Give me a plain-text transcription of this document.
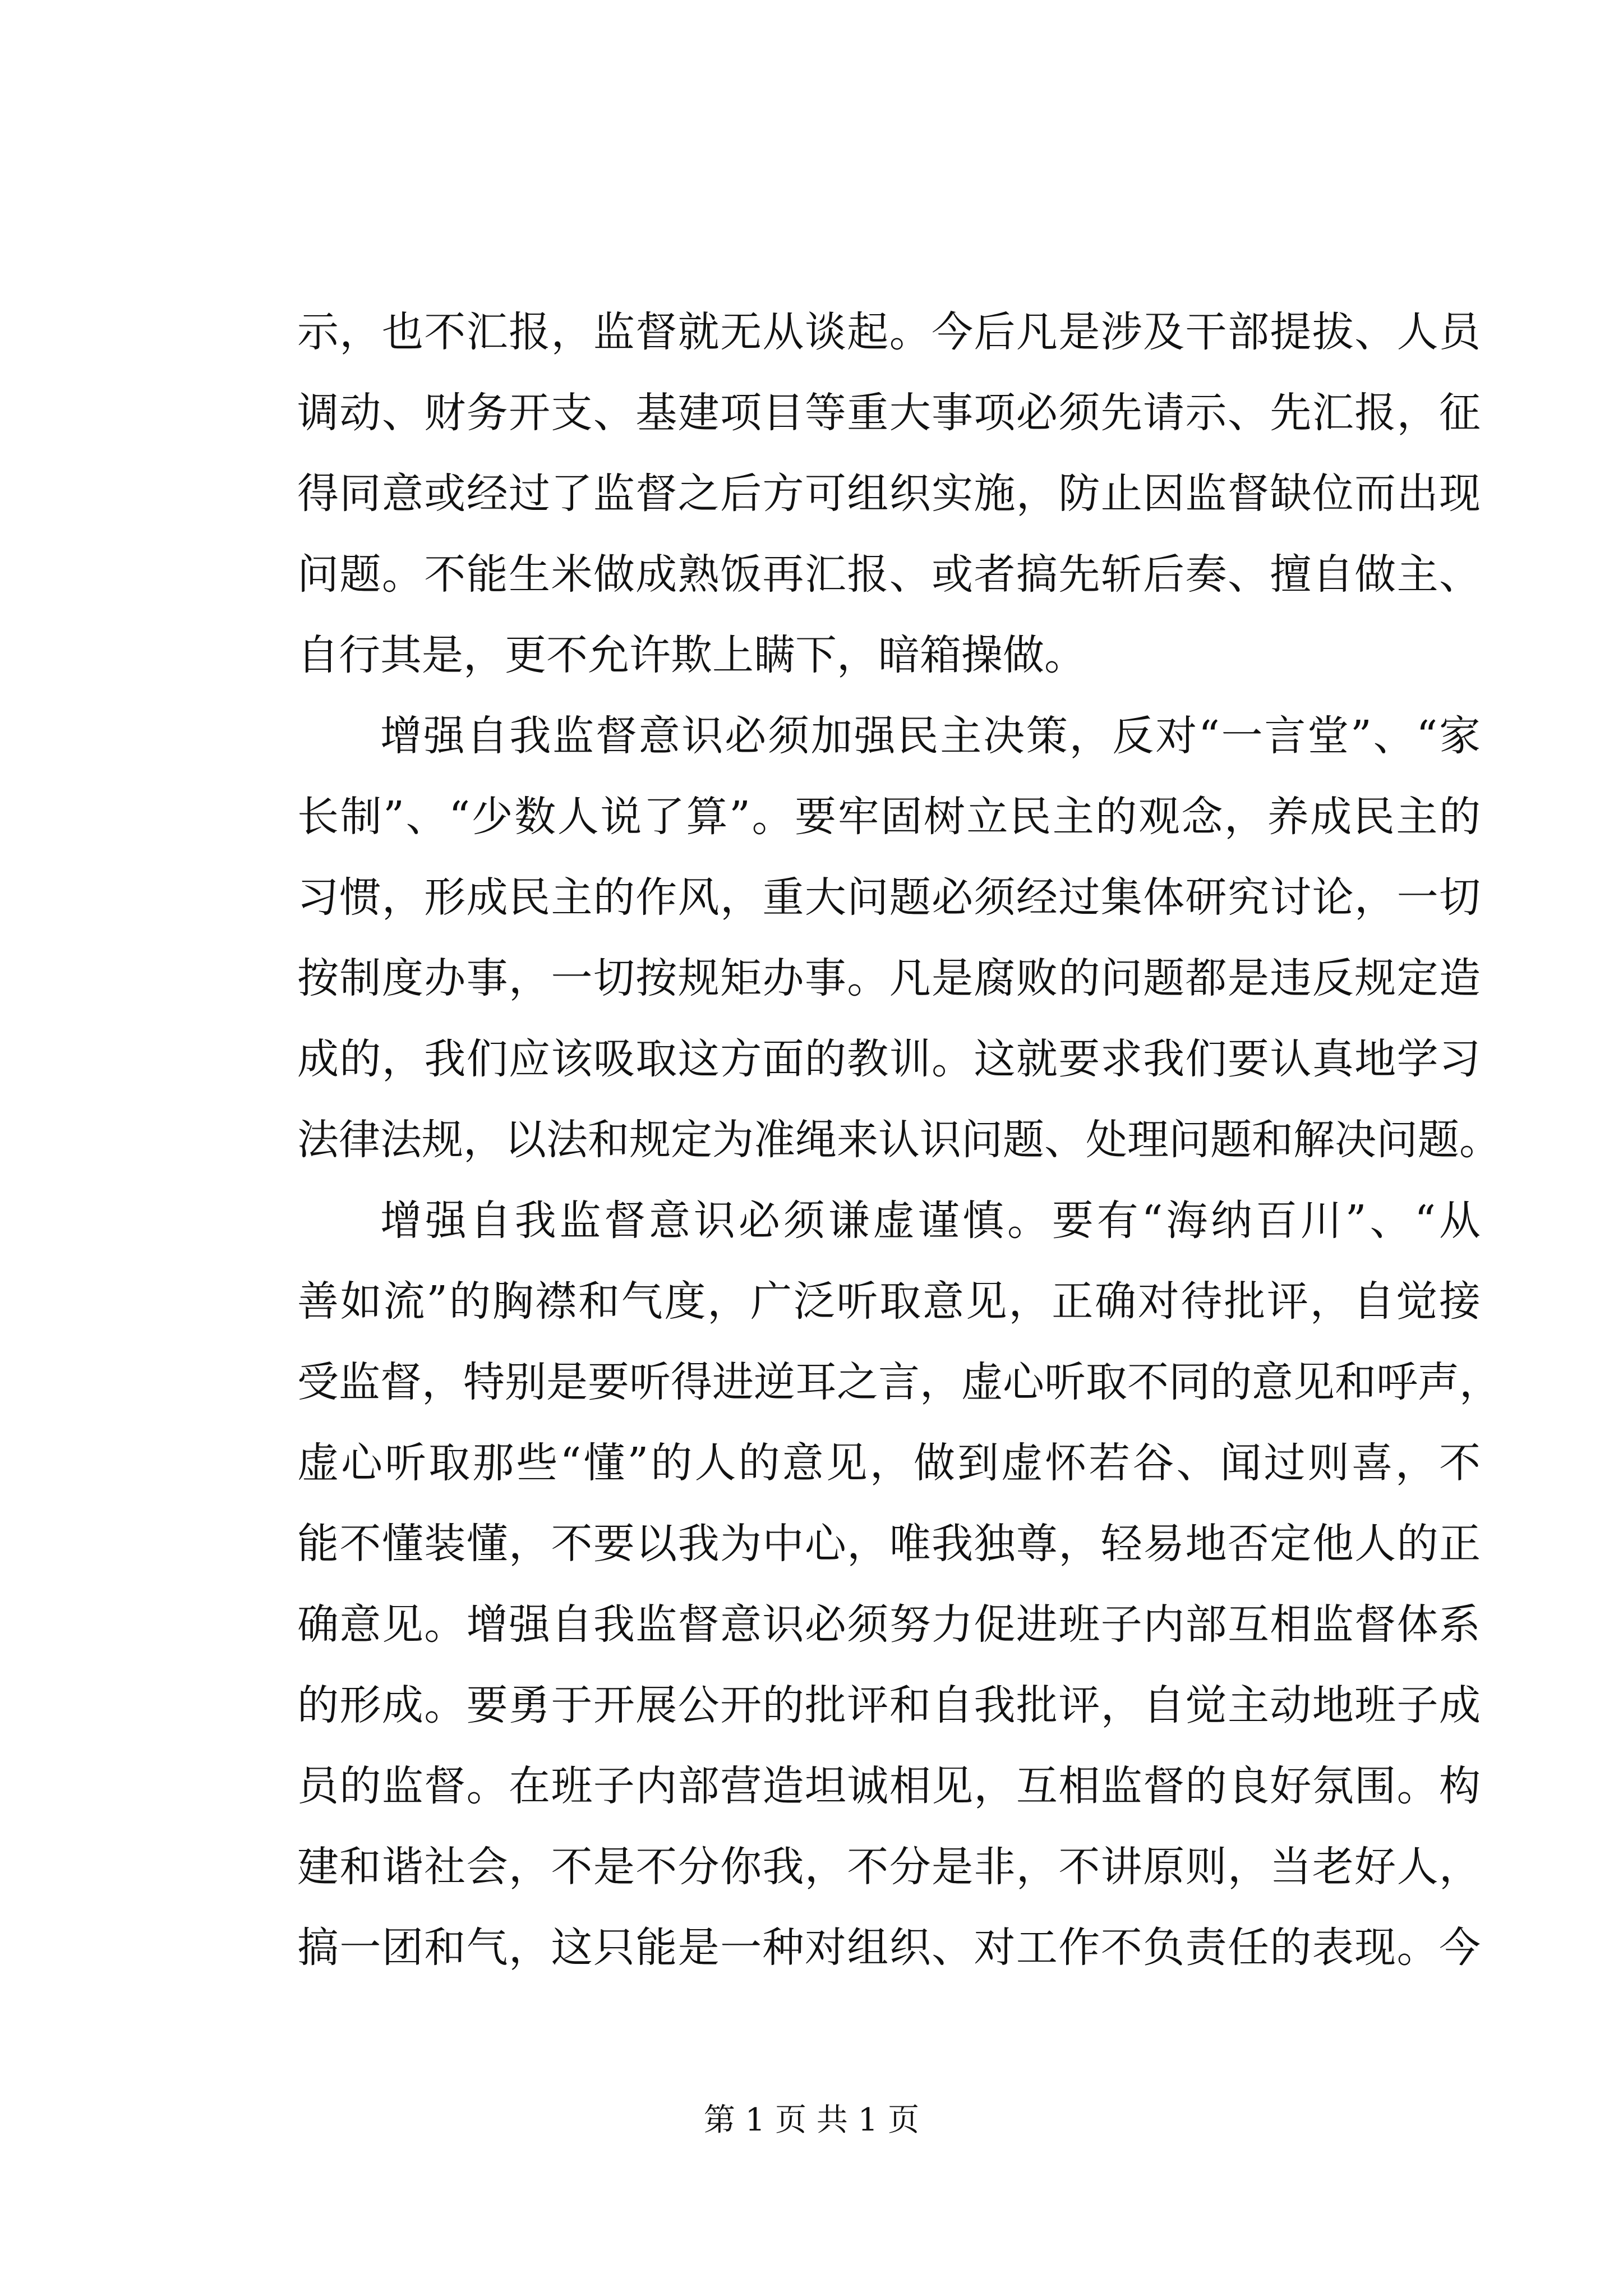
示，也不汇报，监督就无从谈起。今后凡是涉及干部提拔、人员
调动、财务开支、基建项目等重大事项必须先请示、先汇报，征
得同意或经过了监督之后方可组织实施，防止因监督缺位而出现
问题。不能生米做成熟饭再汇报、或者搞先斩后奏、擅自做主、
自行其是，更不允许欺上瞒下，暗箱操做。
增强自我监督意识必须加强民主决策，反对“一言堂”、“家
长制”、“少数人说了算”。要牢固树立民主的观念，养成民主的
习惯，形成民主的作风，重大问题必须经过集体研究讨论，一切
按制度办事，一切按规矩办事。凡是腐败的问题都是违反规定造
成的，我们应该吸取这方面的教训。这就要求我们要认真地学习
法律法规，以法和规定为准绳来认识问题、处理问题和解决问题。
增强自我监督意识必须谦虚谨慎。要有“海纳百川”、“从
善如流”的胸襟和气度，广泛听取意见，正确对待批评，自觉接
受监督，特别是要听得进逆耳之言，虚心听取不同的意见和呼声，
虚心听取那些“懂”的人的意见，做到虚怀若谷、闻过则喜，不
能不懂装懂，不要以我为中心，唯我独尊，轻易地否定他人的正
确意见。增强自我监督意识必须努力促进班子内部互相监督体系
的形成。要勇于开展公开的批评和自我批评，自觉主动地班子成
员的监督。在班子内部营造坦诚相见，互相监督的良好氛围。构
建和谐社会，不是不分你我，不分是非，不讲原则，当老好人，
搞一团和气，这只能是一种对组织、对工作不负责任的表现。今
第 1 页 共 1 页
